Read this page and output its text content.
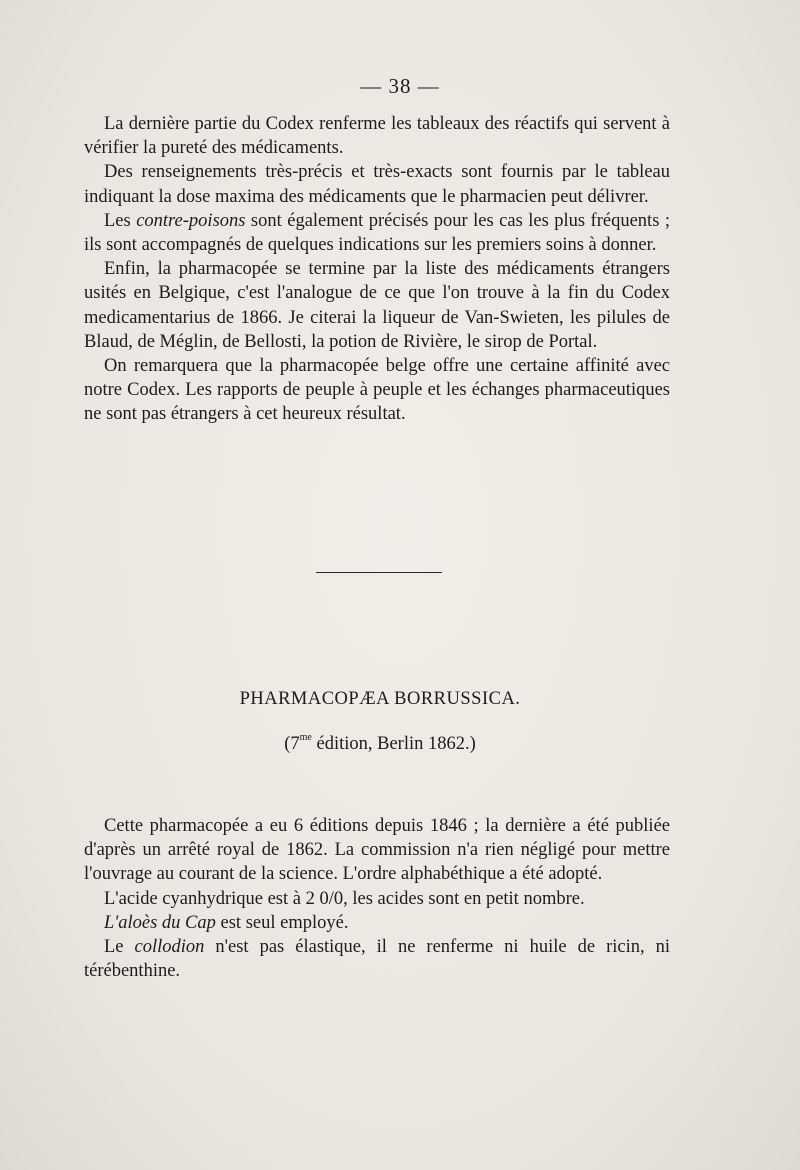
— 38 —

La dernière partie du Codex renferme les tableaux des réactifs qui servent à vérifier la pureté des médicaments.

Des renseignements très-précis et très-exacts sont fournis par le tableau indiquant la dose maxima des médicaments que le pharmacien peut délivrer.

Les contre-poisons sont également précisés pour les cas les plus fréquents ; ils sont accompagnés de quelques indications sur les premiers soins à donner.

Enfin, la pharmacopée se termine par la liste des médicaments étrangers usités en Belgique, c'est l'analogue de ce que l'on trouve à la fin du Codex medicamentarius de 1866. Je citerai la liqueur de Van-Swieten, les pilules de Blaud, de Méglin, de Bellosti, la potion de Rivière, le sirop de Portal.

On remarquera que la pharmacopée belge offre une certaine affinité avec notre Codex. Les rapports de peuple à peuple et les échanges pharmaceutiques ne sont pas étrangers à cet heureux résultat.

PHARMACOPÆA BORRUSSICA.
($7^{me}$ édition, Berlin 1862.)

Cette pharmacopée a eu 6 éditions depuis 1846 ; la dernière a été publiée d'après un arrêté royal de 1862. La commission n'a rien négligé pour mettre l'ouvrage au courant de la science. L'ordre alphabéthique a été adopté.

L'acide cyanhydrique est à 2 0/0, les acides sont en petit nombre.

L'aloès du Cap est seul employé.

Le collodion n'est pas élastique, il ne renferme ni huile de ricin, ni térébenthine.
